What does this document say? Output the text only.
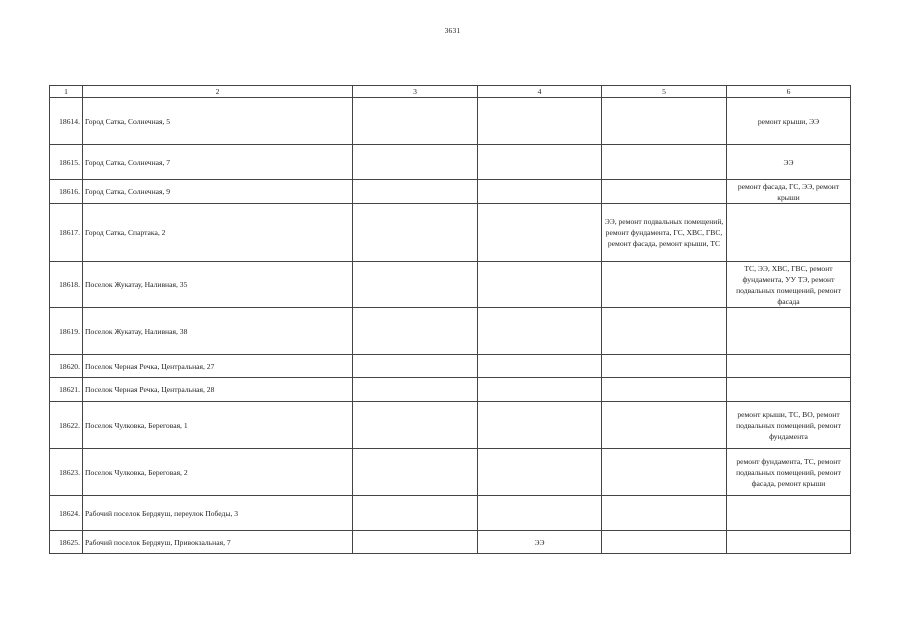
3631
1	2	3	4	5	6
18614.	Город Сатка, Солнечная, 5				ремонт крыши, ЭЭ
18615.	Город Сатка, Солнечная, 7				ЭЭ
18616.	Город Сатка, Солнечная, 9				ремонт фасада, ГС, ЭЭ, ремонт крыши
18617.	Город Сатка, Спартака, 2			ЭЭ, ремонт подвальных помещений, ремонт фундамента, ГС, ХВС, ГВС, ремонт фасада, ремонт крыши, ТС	
18618.	Поселок Жукатау, Наливная, 35				ТС, ЭЭ, ХВС, ГВС, ремонт фундамента, УУ ТЭ, ремонт подвальных помещений, ремонт фасада
18619.	Поселок Жукатау, Наливная, 38				
18620.	Поселок Черная Речка, Центральная, 27				
18621.	Поселок Черная Речка, Центральная, 28				
18622.	Поселок Чулковка, Береговая, 1				ремонт крыши, ТС, ВО, ремонт подвальных помещений, ремонт фундамента
18623.	Поселок Чулковка, Береговая, 2				ремонт фундамента, ТС, ремонт подвальных помещений, ремонт фасада, ремонт крыши
18624.	Рабочий поселок Бердяуш, переулок Победы, 3				
18625.	Рабочий поселок Бердяуш, Привокзальная, 7		ЭЭ		
